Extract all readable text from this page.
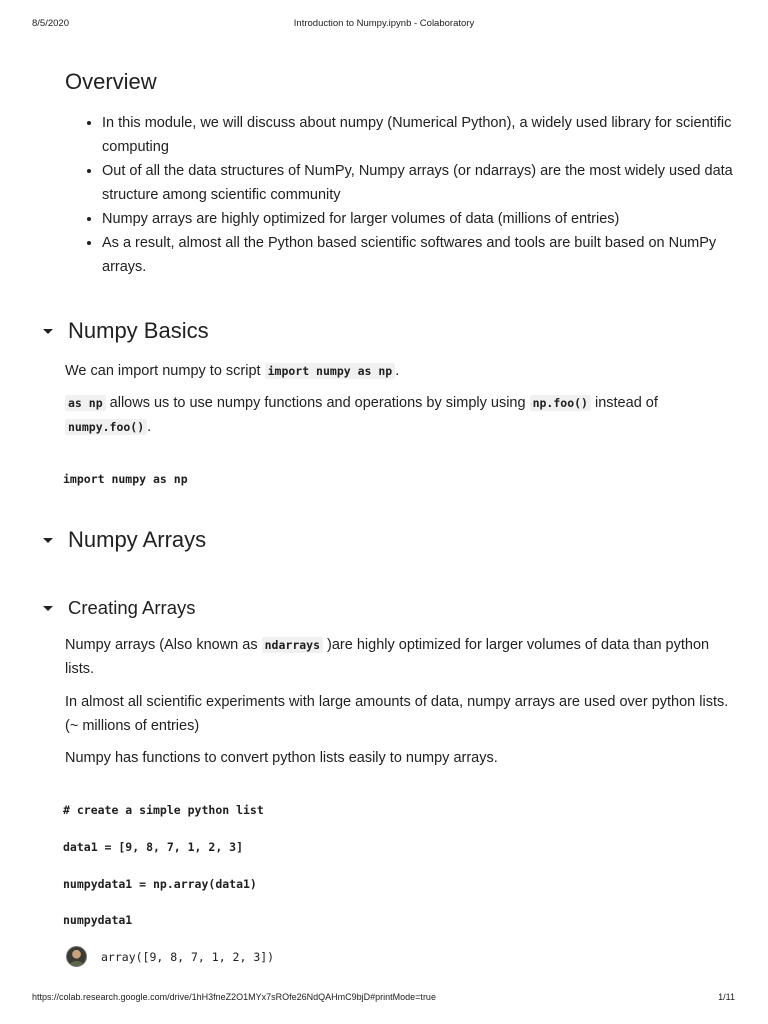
8/5/2020	Introduction to Numpy.ipynb - Colaboratory
Overview
• In this module, we will discuss about numpy (Numerical Python), a widely used library for scientific computing
• Out of all the data structures of NumPy, Numpy arrays (or ndarrays) are the most widely used data structure among scientific community
• Numpy arrays are highly optimized for larger volumes of data (millions of entries)
• As a result, almost all the Python based scientific softwares and tools are built based on NumPy arrays.
Numpy Basics

We can import numpy to script import numpy as np .

as np allows us to use numpy functions and operations by simply using np.foo() instead of numpy.foo() .

import numpy as np
Numpy Arrays
Creating Arrays

Numpy arrays (Also known as ndarrays )are highly optimized for larger volumes of data than python lists.

In almost all scientific experiments with large amounts of data, numpy arrays are used over python lists. (~ millions of entries)

Numpy has functions to convert python lists easily to numpy arrays.

# create a simple python list
data1 = [9, 8, 7, 1, 2, 3]
numpydata1 = np.array(data1)
numpydata1
array([9, 8, 7, 1, 2, 3])
https://colab.research.google.com/drive/1hH3fneZ2O1MYx7sROfe26NdQAHmC9bjD#printMode=true	1/11
